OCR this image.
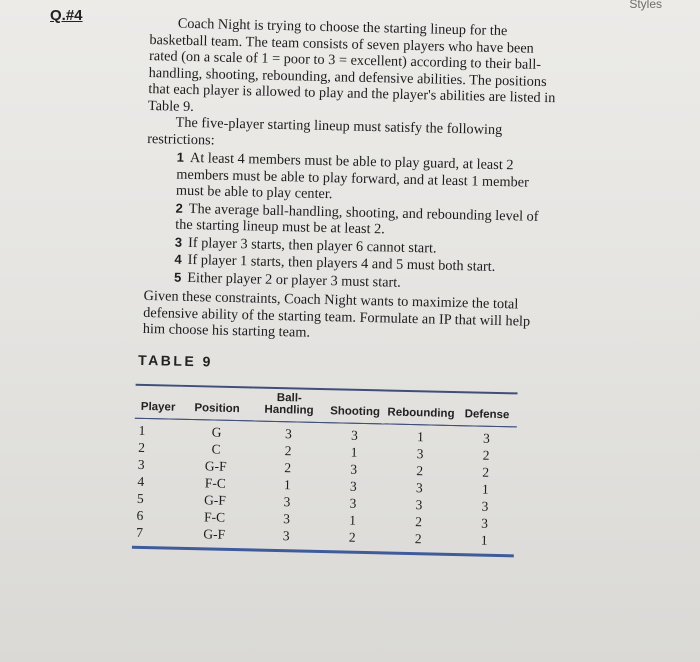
Styles
Q.#4

Coach Night is trying to choose the starting lineup for the basketball team. The team consists of seven players who have been rated (on a scale of 1 = poor to 3 = excellent) according to their ball-handling, shooting, rebounding, and defensive abilities. The positions that each player is allowed to play and the player's abilities are listed in Table 9.

The five-player starting lineup must satisfy the following restrictions:

1 At least 4 members must be able to play guard, at least 2 members must be able to play forward, and at least 1 member must be able to play center.
2 The average ball-handling, shooting, and rebounding level of the starting lineup must be at least 2.
3 If player 3 starts, then player 6 cannot start.
4 If player 1 starts, then players 4 and 5 must both start.
5 Either player 2 or player 3 must start.

Given these constraints, Coach Night wants to maximize the total defensive ability of the starting team. Formulate an IP that will help him choose his starting team.

TABLE 9
Player	Position	Ball-Handling	Shooting	Rebounding	Defense
1	G	3	3	1	3
2	C	2	1	3	2
3	G-F	2	3	2	2
4	F-C	1	3	3	1
5	G-F	3	3	3	3
6	F-C	3	1	2	3
7	G-F	3	2	2	1
